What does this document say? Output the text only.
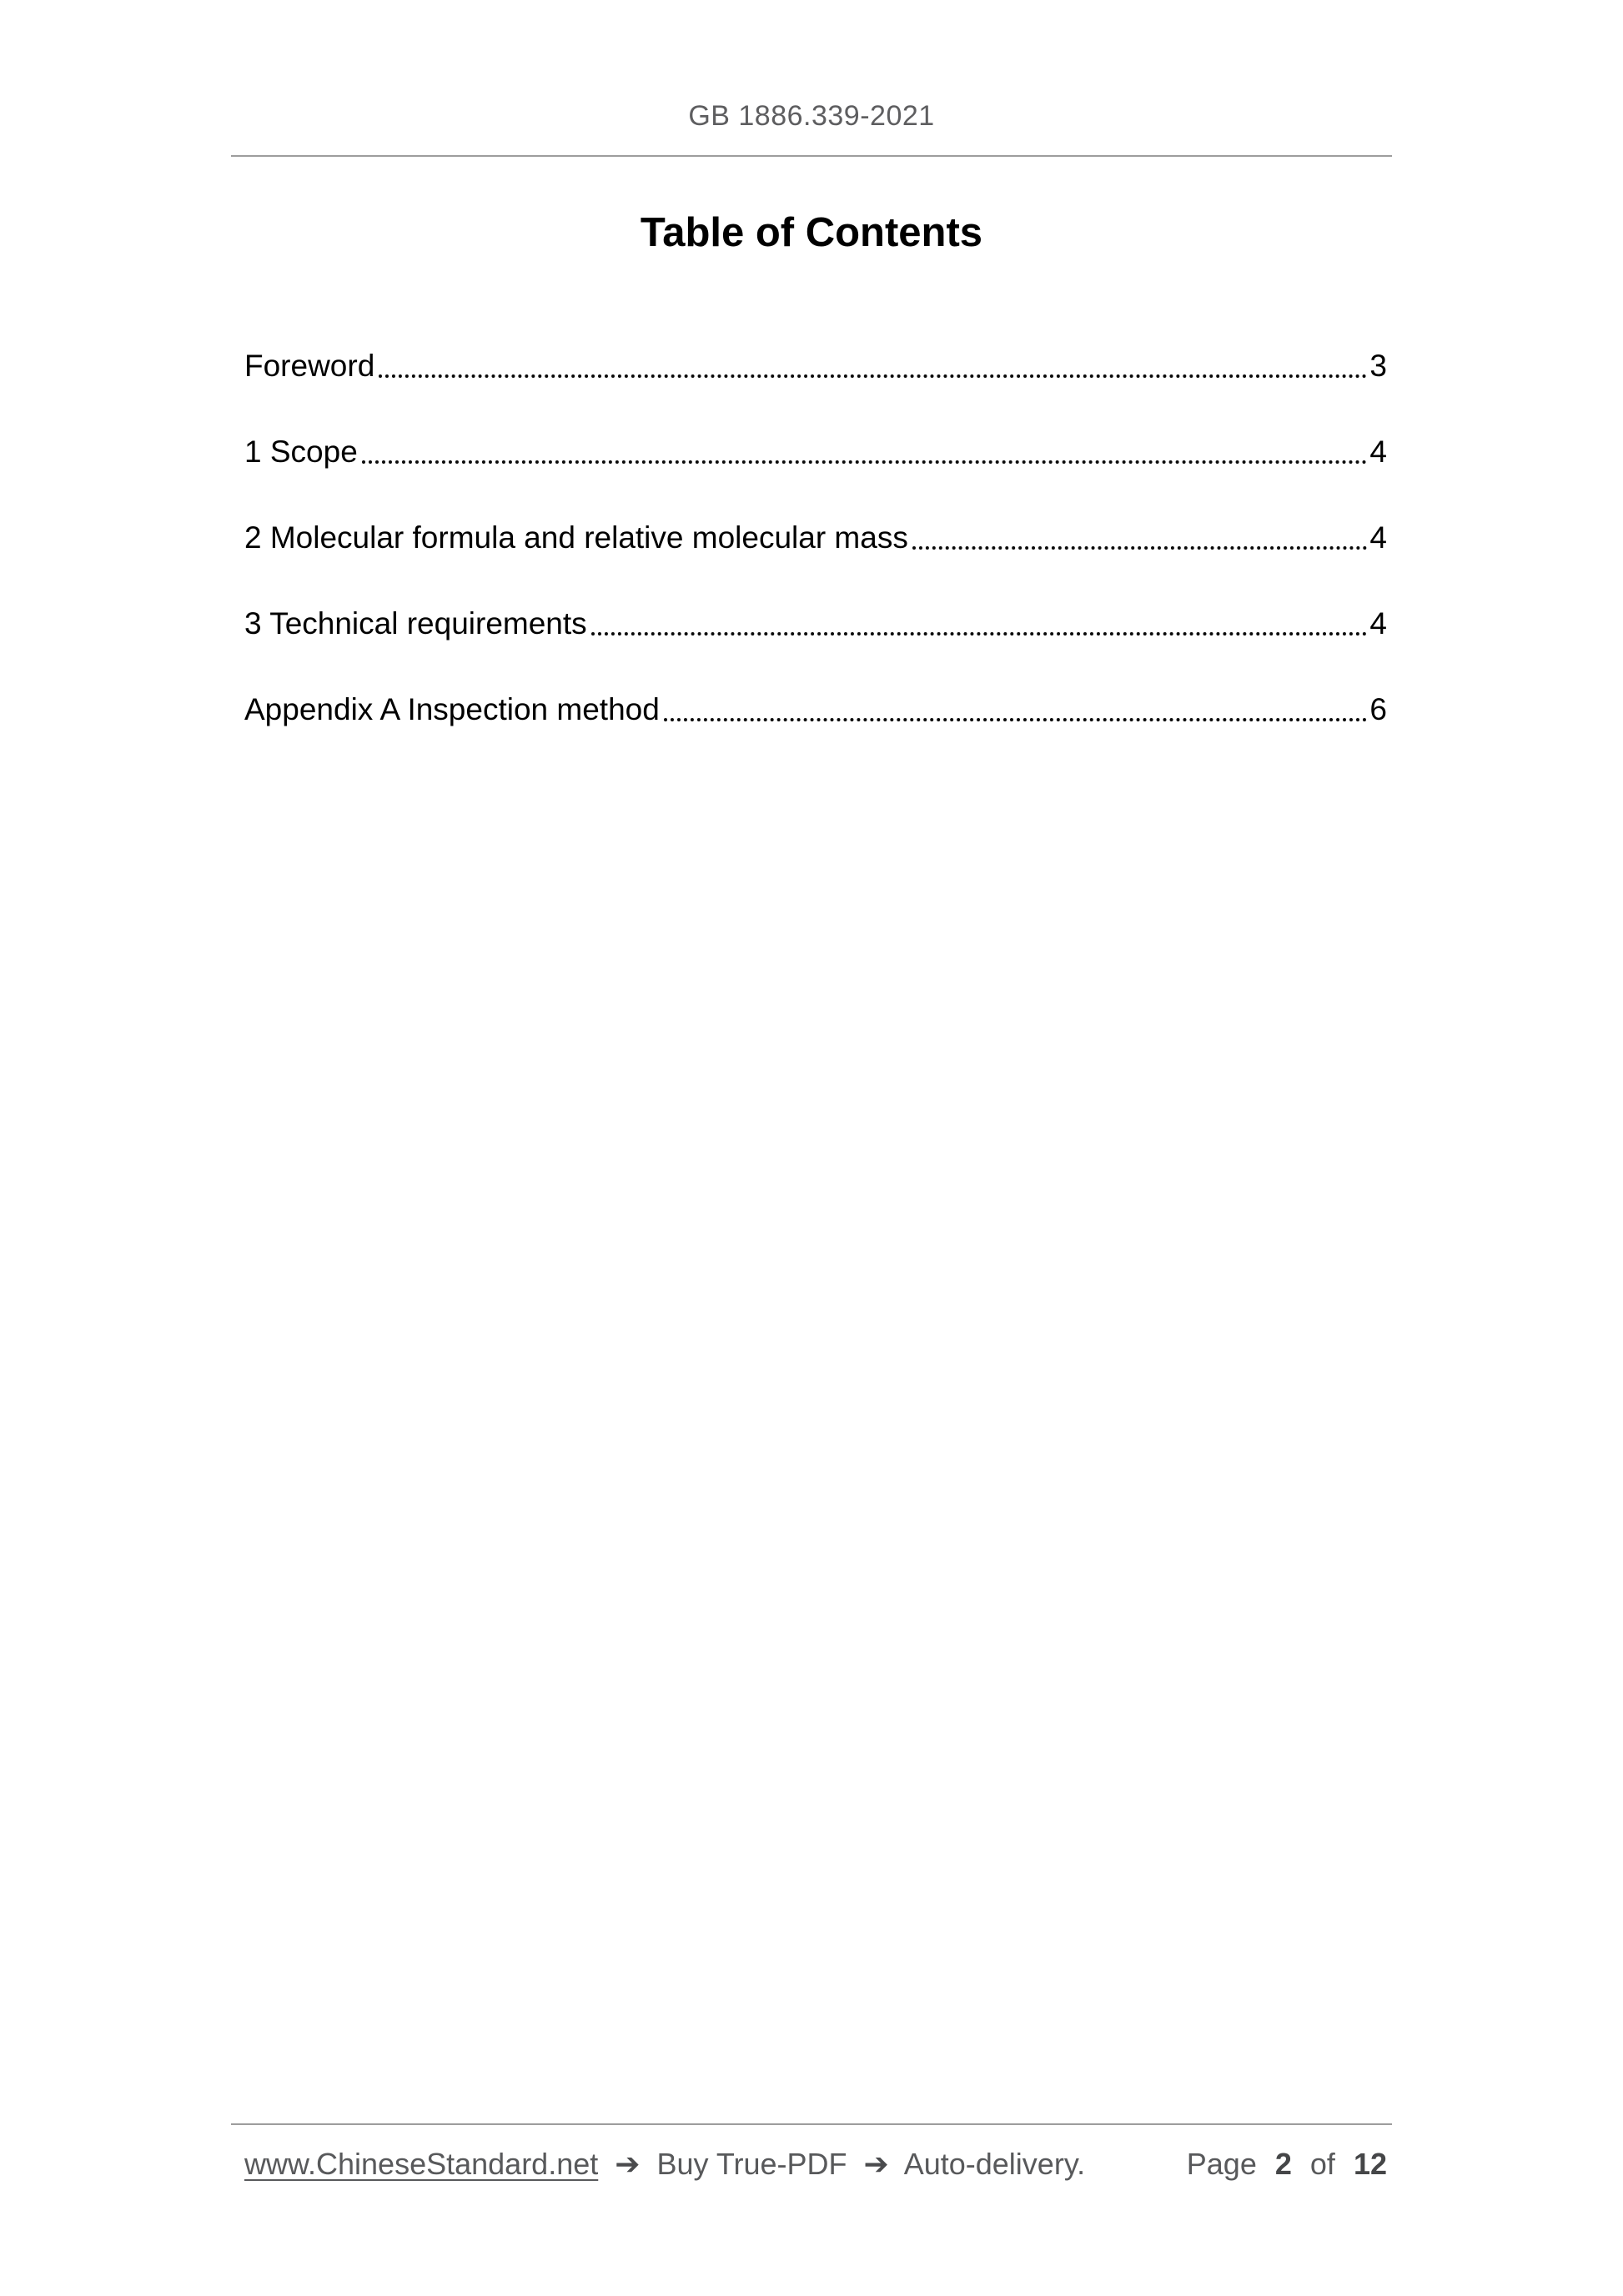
GB 1886.339-2021
Table of Contents
Foreword	3
1 Scope	4
2 Molecular formula and relative molecular mass	4
3 Technical requirements	4
Appendix A Inspection method	6
www.ChineseStandard.net ➔ Buy True-PDF ➔ Auto-delivery.	Page 2 of 12
